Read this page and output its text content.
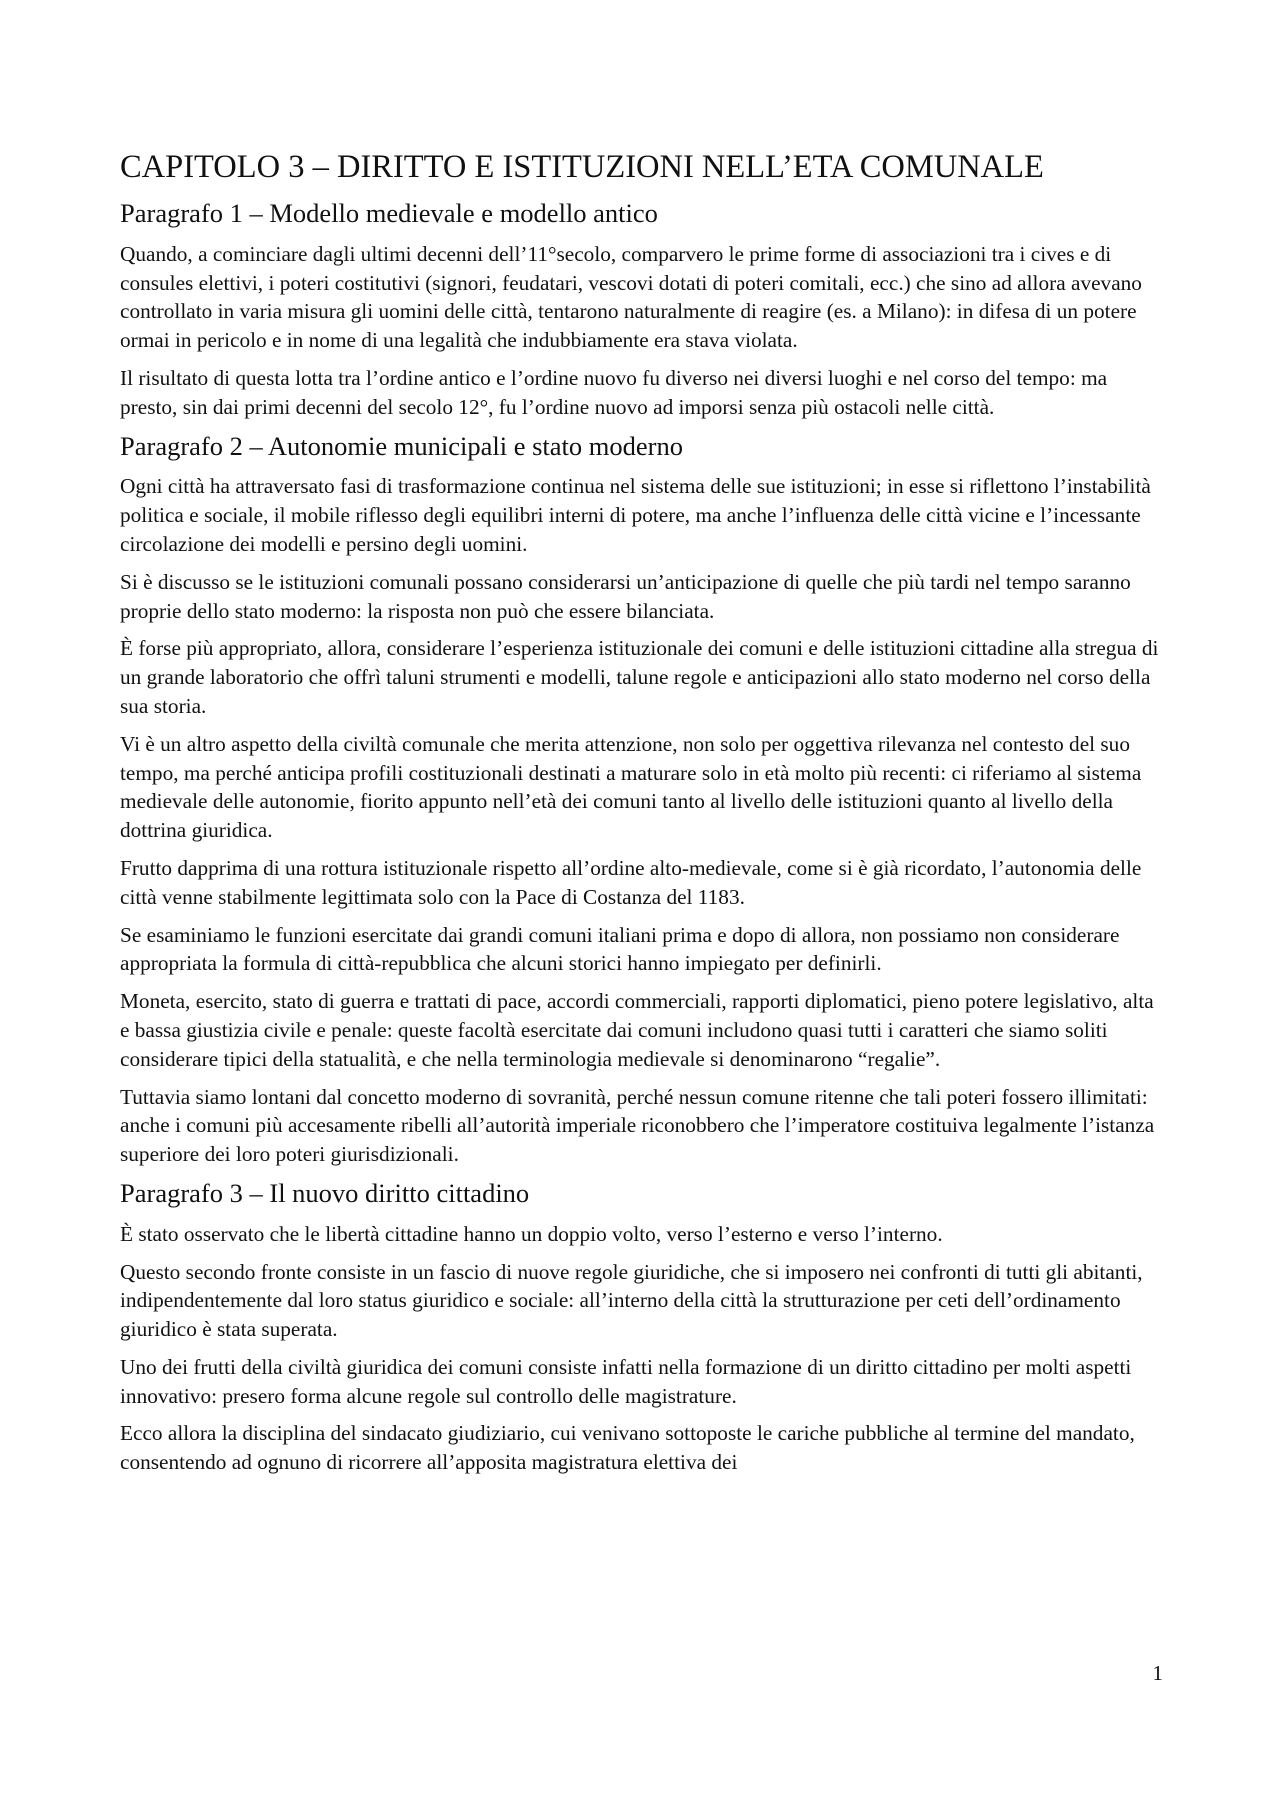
CAPITOLO 3 – DIRITTO E ISTITUZIONI NELL’ETA COMUNALE
Paragrafo 1 – Modello medievale e modello antico

Quando, a cominciare dagli ultimi decenni dell’11°secolo, comparvero le prime forme di associazioni tra i cives e di consules elettivi, i poteri costitutivi (signori, feudatari, vescovi dotati di poteri comitali, ecc.) che sino ad allora avevano controllato in varia misura gli uomini delle città, tentarono naturalmente di reagire (es. a Milano): in difesa di un potere ormai in pericolo e in nome di una legalità che indubbiamente era stava violata.

Il risultato di questa lotta tra l’ordine antico e l’ordine nuovo fu diverso nei diversi luoghi e nel corso del tempo: ma presto, sin dai primi decenni del secolo 12°, fu l’ordine nuovo ad imporsi senza più ostacoli nelle città.

Paragrafo 2 – Autonomie municipali e stato moderno

Ogni città ha attraversato fasi di trasformazione continua nel sistema delle sue istituzioni; in esse si riflettono l’instabilità politica e sociale, il mobile riflesso degli equilibri interni di potere, ma anche l’influenza delle città vicine e l’incessante circolazione dei modelli e persino degli uomini.

Si è discusso se le istituzioni comunali possano considerarsi un’anticipazione di quelle che più tardi nel tempo saranno proprie dello stato moderno: la risposta non può che essere bilanciata.

È forse più appropriato, allora, considerare l’esperienza istituzionale dei comuni e delle istituzioni cittadine alla stregua di un grande laboratorio che offrì taluni strumenti e modelli, talune regole e anticipazioni allo stato moderno nel corso della sua storia.

Vi è un altro aspetto della civiltà comunale che merita attenzione, non solo per oggettiva rilevanza nel contesto del suo tempo, ma perché anticipa profili costituzionali destinati a maturare solo in età molto più recenti: ci riferiamo al sistema medievale delle autonomie, fiorito appunto nell’età dei comuni tanto al livello delle istituzioni quanto al livello della dottrina giuridica.

Frutto dapprima di una rottura istituzionale rispetto all’ordine alto-medievale, come si è già ricordato, l’autonomia delle città venne stabilmente legittimata solo con la Pace di Costanza del 1183.

Se esaminiamo le funzioni esercitate dai grandi comuni italiani prima e dopo di allora, non possiamo non considerare appropriata la formula di città-repubblica che alcuni storici hanno impiegato per definirli.

Moneta, esercito, stato di guerra e trattati di pace, accordi commerciali, rapporti diplomatici, pieno potere legislativo, alta e bassa giustizia civile e penale: queste facoltà esercitate dai comuni includono quasi tutti i caratteri che siamo soliti considerare tipici della statualità, e che nella terminologia medievale si denominarono “regalie”.

Tuttavia siamo lontani dal concetto moderno di sovranità, perché nessun comune ritenne che tali poteri fossero illimitati: anche i comuni più accesamente ribelli all’autorità imperiale riconobbero che l’imperatore costituiva legalmente l’istanza superiore dei loro poteri giurisdizionali.

Paragrafo 3 – Il nuovo diritto cittadino

È stato osservato che le libertà cittadine hanno un doppio volto, verso l’esterno e verso l’interno.

Questo secondo fronte consiste in un fascio di nuove regole giuridiche, che si imposero nei confronti di tutti gli abitanti, indipendentemente dal loro status giuridico e sociale: all’interno della città la strutturazione per ceti dell’ordinamento giuridico è stata superata.

Uno dei frutti della civiltà giuridica dei comuni consiste infatti nella formazione di un diritto cittadino per molti aspetti innovativo: presero forma alcune regole sul controllo delle magistrature.

Ecco allora la disciplina del sindacato giudiziario, cui venivano sottoposte le cariche pubbliche al termine del mandato, consentendo ad ognuno di ricorrere all’apposita magistratura elettiva dei

1
